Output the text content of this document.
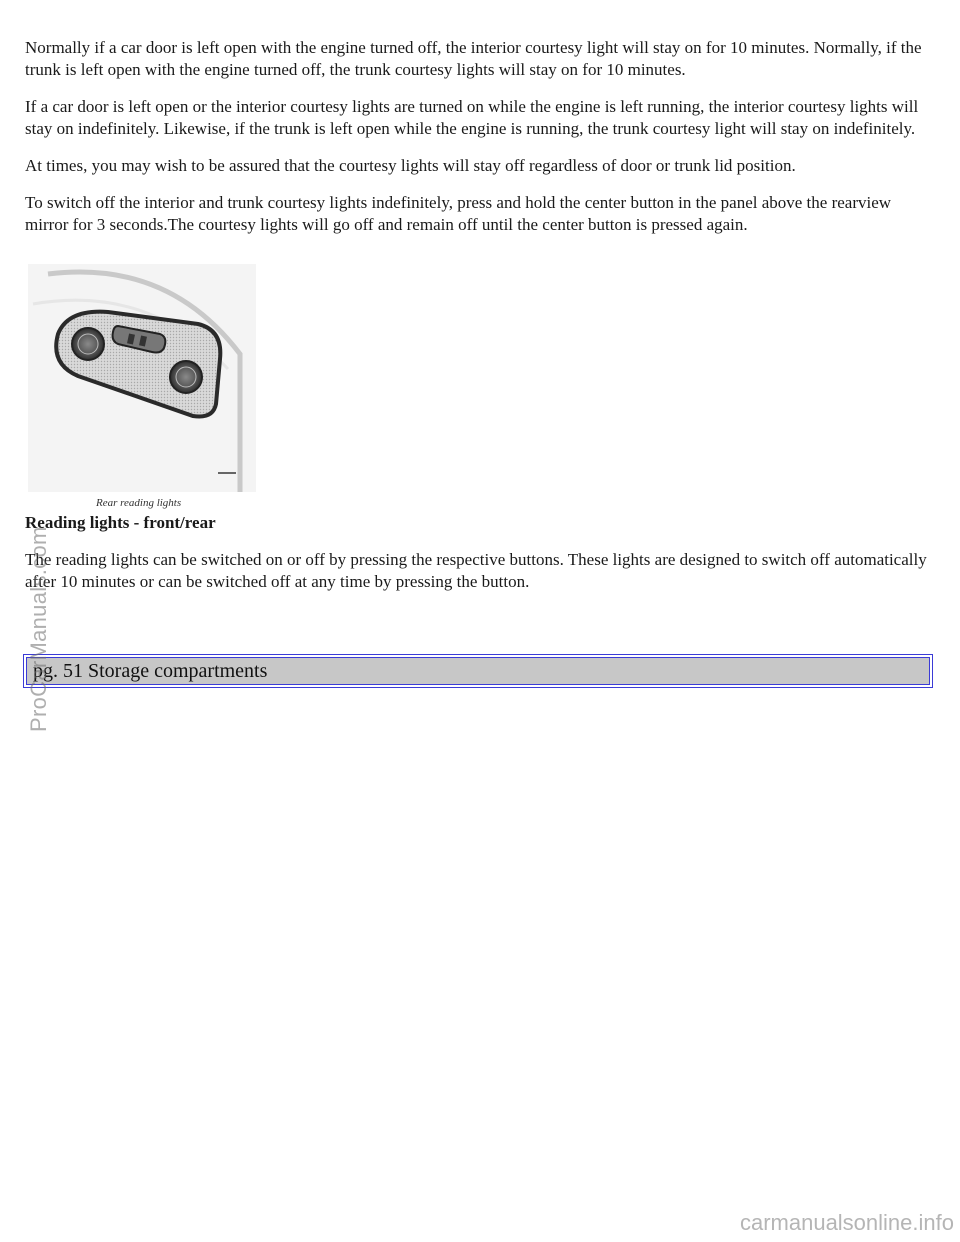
Normally if a car door is left open with the engine turned off, the interior courtesy light will stay on for 10 minutes. Normally, if the trunk is left open with the engine turned off, the trunk courtesy lights will stay on for 10 minutes.

If a car door is left open or the interior courtesy lights are turned on while the engine is left running, the interior courtesy lights will stay on indefinitely. Likewise, if the trunk is left open while the engine is running, the trunk courtesy light will stay on indefinitely.

At times, you may wish to be assured that the courtesy lights will stay off regardless of door or trunk lid position.

To switch off the interior and trunk courtesy lights indefinitely, press and hold the center button in the panel above the rearview mirror for 3 seconds.The courtesy lights will go off and remain off until the center button is pressed again.

Rear reading lights

Reading lights - front/rear

The reading lights can be switched on or off by pressing the respective buttons. These lights are designed to switch off automatically after 10 minutes or can be switched off at any time by pressing the button.

pg. 51 Storage compartments
ProCarManuals.com
carmanualsonline.info
